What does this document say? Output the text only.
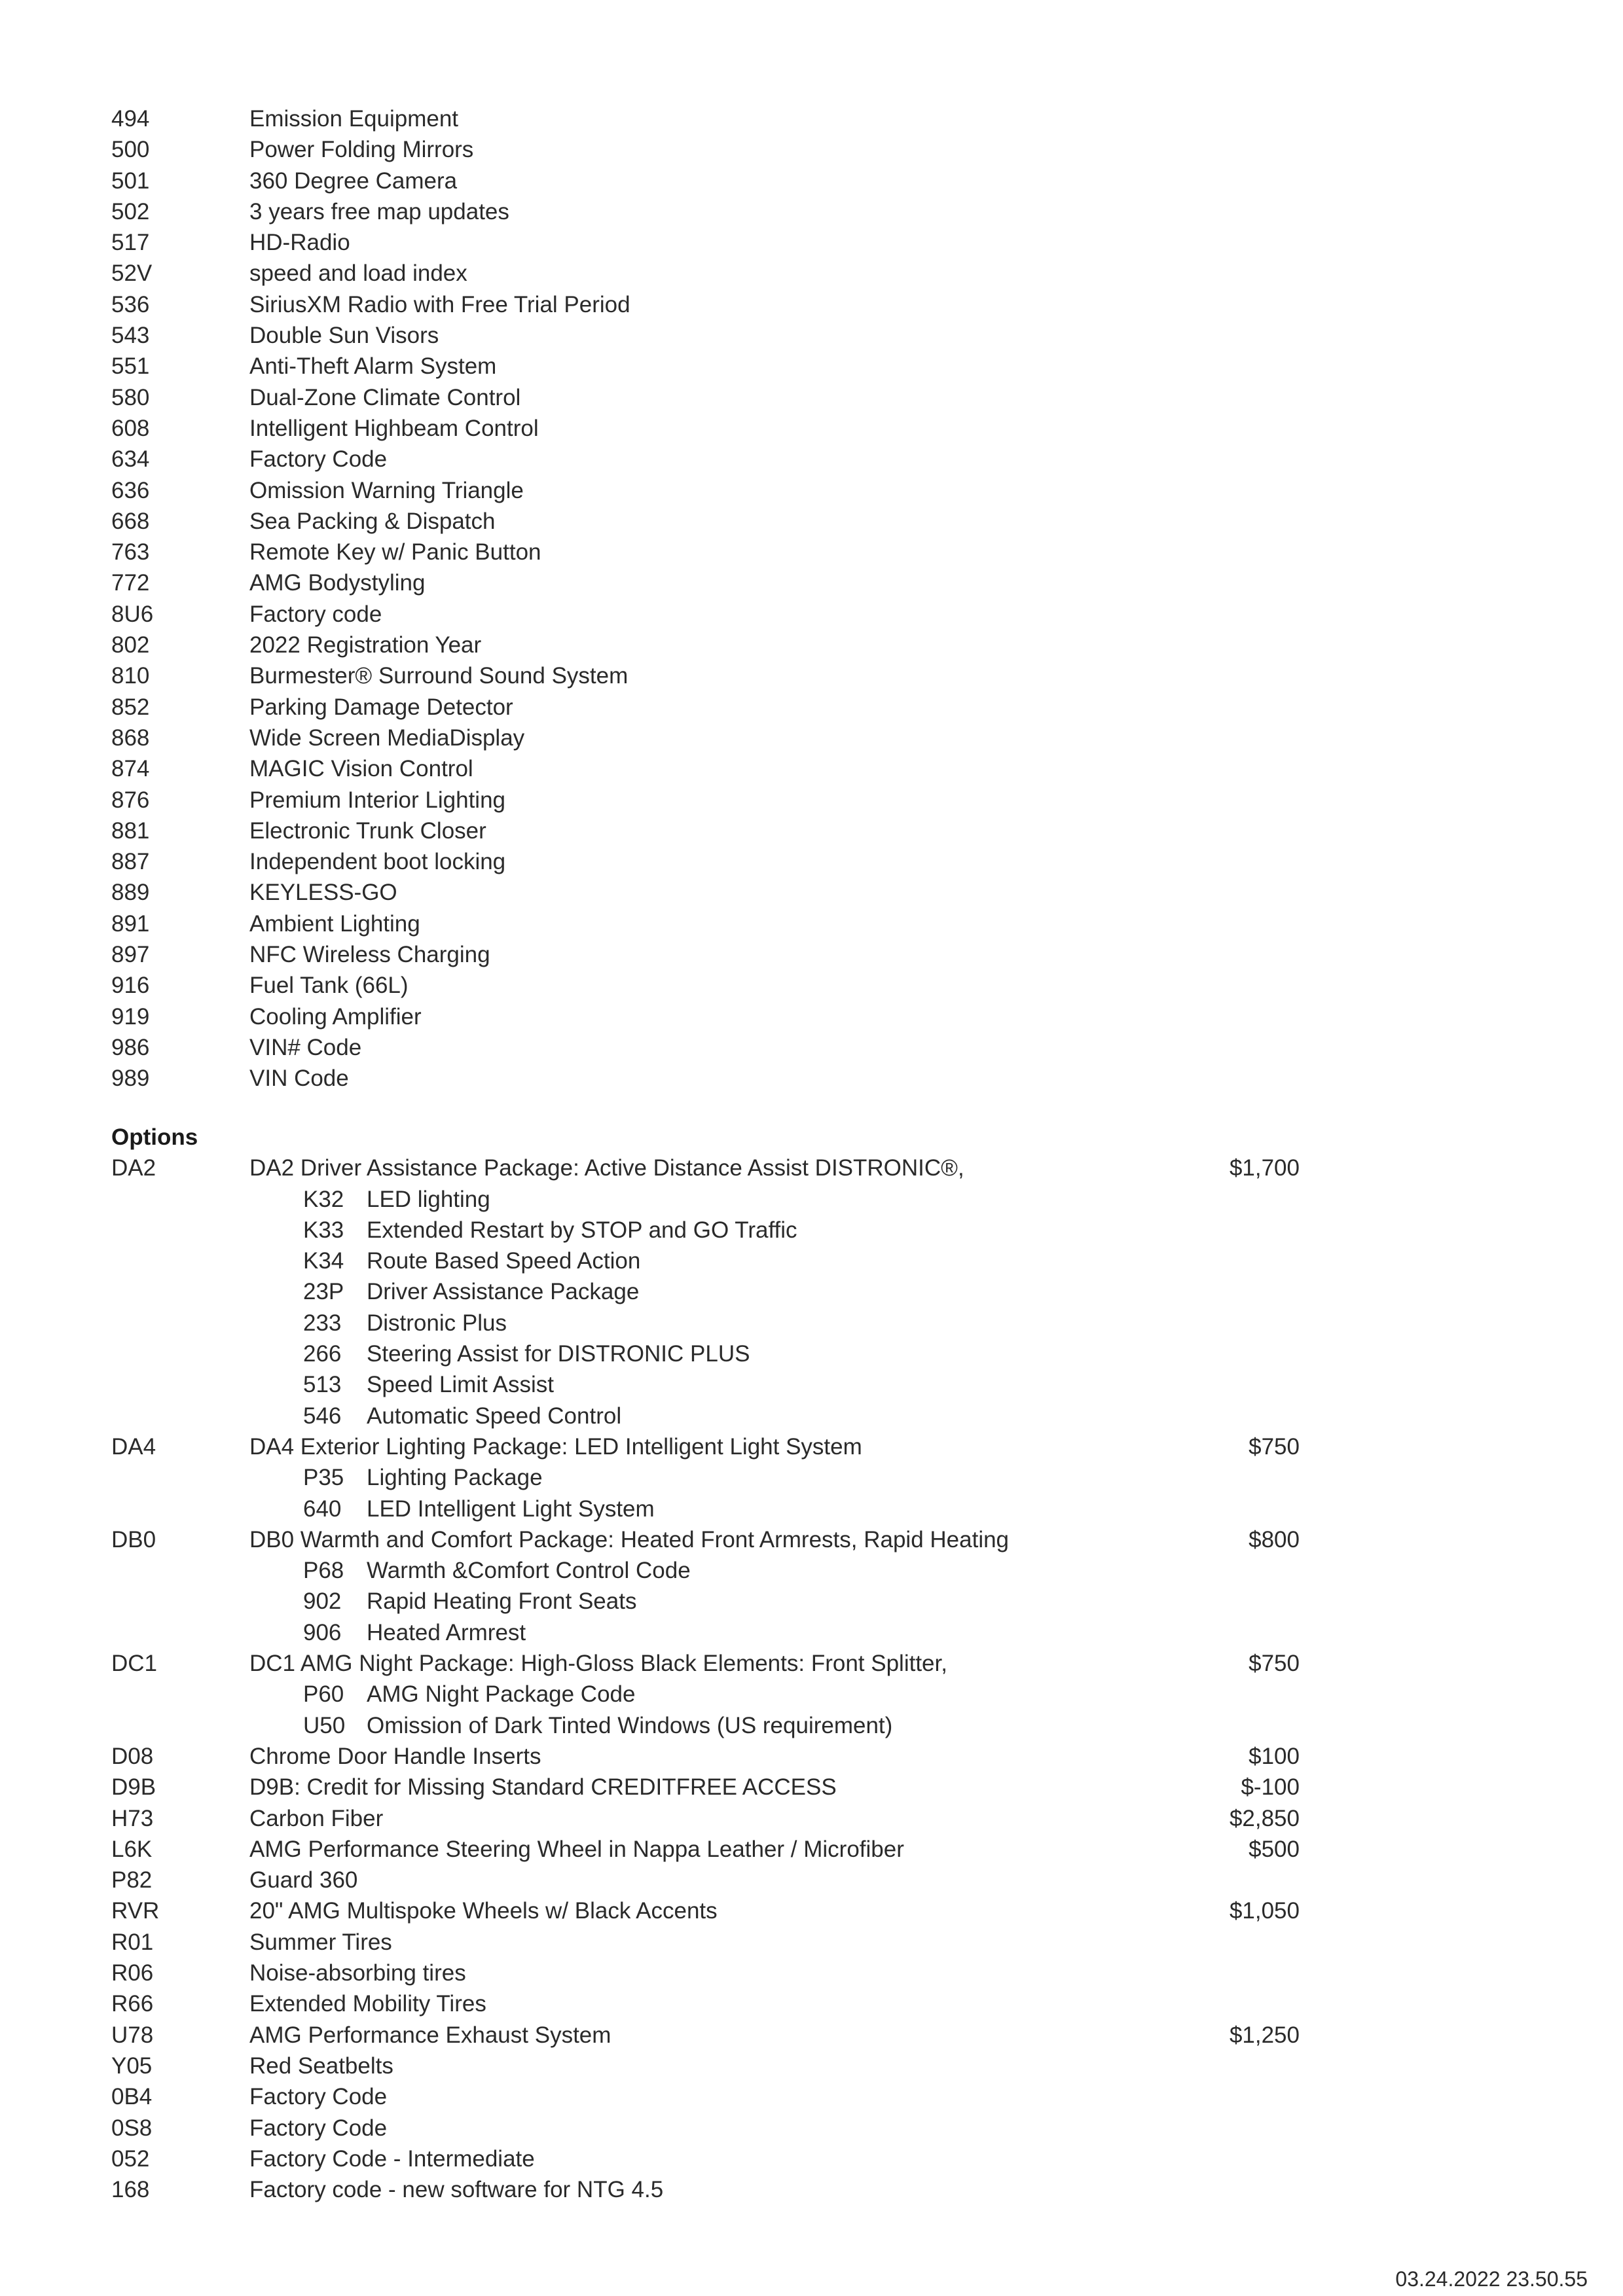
494	Emission Equipment
500	Power Folding Mirrors
501	360 Degree Camera
502	3 years free map updates
517	HD-Radio
52V	speed and load index
536	SiriusXM Radio with Free Trial Period
543	Double Sun Visors
551	Anti-Theft Alarm System
580	Dual-Zone Climate Control
608	Intelligent Highbeam Control
634	Factory Code
636	Omission Warning Triangle
668	Sea Packing & Dispatch
763	Remote Key w/ Panic Button
772	AMG Bodystyling
8U6	Factory code
802	2022 Registration Year
810	Burmester® Surround Sound System
852	Parking Damage Detector
868	Wide Screen MediaDisplay
874	MAGIC Vision Control
876	Premium Interior Lighting
881	Electronic Trunk Closer
887	Independent boot locking
889	KEYLESS-GO
891	Ambient Lighting
897	NFC Wireless Charging
916	Fuel Tank (66L)
919	Cooling Amplifier
986	VIN# Code
989	VIN Code
Options
DA2	DA2 Driver Assistance Package: Active Distance Assist DISTRONIC®,	$1,700
K32 LED lighting
K33 Extended Restart by STOP and GO Traffic
K34 Route Based Speed Action
23P Driver Assistance Package
233 Distronic Plus
266 Steering Assist for DISTRONIC PLUS
513 Speed Limit Assist
546 Automatic Speed Control
DA4	DA4 Exterior Lighting Package: LED Intelligent Light System	$750
P35 Lighting Package
640 LED Intelligent Light System
DB0	DB0 Warmth and Comfort Package: Heated Front Armrests, Rapid Heating	$800
P68 Warmth &Comfort Control Code
902 Rapid Heating Front Seats
906 Heated Armrest
DC1	DC1 AMG Night Package: High-Gloss Black Elements: Front Splitter,	$750
P60 AMG Night Package Code
U50 Omission of Dark Tinted Windows (US requirement)
D08	Chrome Door Handle Inserts	$100
D9B	D9B: Credit for Missing Standard CREDITFREE ACCESS	$-100
H73	Carbon Fiber	$2,850
L6K	AMG Performance Steering Wheel in Nappa Leather / Microfiber	$500
P82	Guard 360
RVR	20" AMG Multispoke Wheels w/ Black Accents	$1,050
R01	Summer Tires
R06	Noise-absorbing tires
R66	Extended Mobility Tires
U78	AMG Performance Exhaust System	$1,250
Y05	Red Seatbelts
0B4	Factory Code
0S8	Factory Code
052	Factory Code - Intermediate
168	Factory code - new software for NTG 4.5
03.24.2022 23.50.55
